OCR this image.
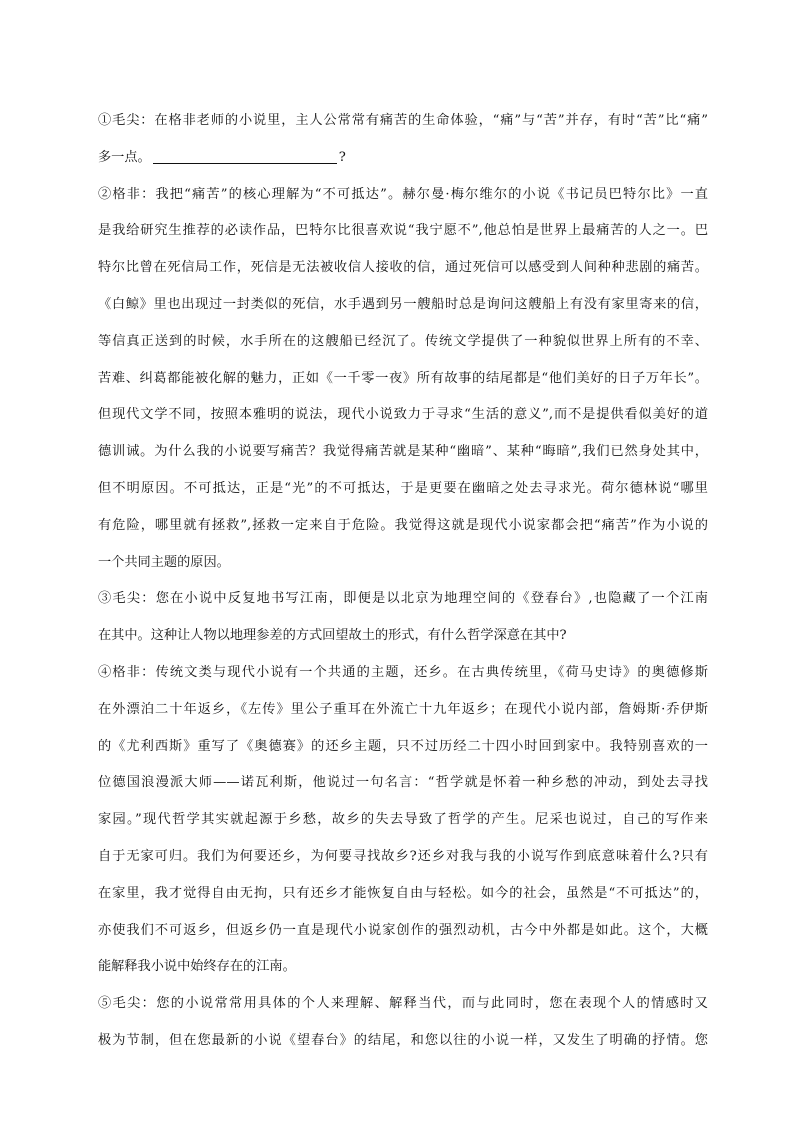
①毛尖：在格非老师的小说里，主人公常常有痛苦的生命体验，“痛”与“苦”并存，有时“苦”比“痛”
多一点。	?
②格非：我把“痛苦”的核心理解为“不可抵达”。赫尔曼·梅尔维尔的小说《书记员巴特尔比》一直
是我给研究生推荐的必读作品，巴特尔比很喜欢说“我宁愿不”,他总怕是世界上最痛苦的人之一。巴
特尔比曾在死信局工作，死信是无法被收信人接收的信，通过死信可以感受到人间种种悲剧的痛苦。
《白鲸》里也出现过一封类似的死信，水手遇到另一艘船时总是询问这艘船上有没有家里寄来的信，
等信真正送到的时候，水手所在的这艘船已经沉了。传统文学提供了一种貌似世界上所有的不幸、
苦难、纠葛都能被化解的魅力，正如《一千零一夜》所有故事的结尾都是“他们美好的日子万年长”。
但现代文学不同，按照本雅明的说法，现代小说致力于寻求“生活的意义”,而不是提供看似美好的道
德训诫。为什么我的小说要写痛苦？我觉得痛苦就是某种“幽暗”、某种“晦暗”,我们已然身处其中，
但不明原因。不可抵达，正是“光”的不可抵达，于是更要在幽暗之处去寻求光。荷尔德林说“哪里
有危险，哪里就有拯救”,拯救一定来自于危险。我觉得这就是现代小说家都会把“痛苦”作为小说的
一个共同主题的原因。
③毛尖：您在小说中反复地书写江南，即便是以北京为地理空间的《登春台》,也隐藏了一个江南
在其中。这种让人物以地理参差的方式回望故土的形式，有什么哲学深意在其中?
④格非：传统文类与现代小说有一个共通的主题，还乡。在古典传统里，《荷马史诗》的奥德修斯
在外漂泊二十年返乡，《左传》里公子重耳在外流亡十九年返乡；在现代小说内部，詹姆斯·乔伊斯
的《尤利西斯》重写了《奥德赛》的还乡主题，只不过历经二十四小时回到家中。我特别喜欢的一
位德国浪漫派大师——诺瓦利斯，他说过一句名言：“哲学就是怀着一种乡愁的冲动，到处去寻找
家园。”现代哲学其实就起源于乡愁，故乡的失去导致了哲学的产生。尼采也说过，自己的写作来
自于无家可归。我们为何要还乡，为何要寻找故乡?还乡对我与我的小说写作到底意味着什么?只有
在家里，我才觉得自由无拘，只有还乡才能恢复自由与轻松。如今的社会，虽然是“不可抵达”的，
亦使我们不可返乡，但返乡仍一直是现代小说家创作的强烈动机，古今中外都是如此。这个，大概
能解释我小说中始终存在的江南。
⑤毛尖：您的小说常常用具体的个人来理解、解释当代，而与此同时，您在表现个人的情感时又
极为节制，但在您最新的小说《望春台》的结尾，和您以往的小说一样，又发生了明确的抒情。您
